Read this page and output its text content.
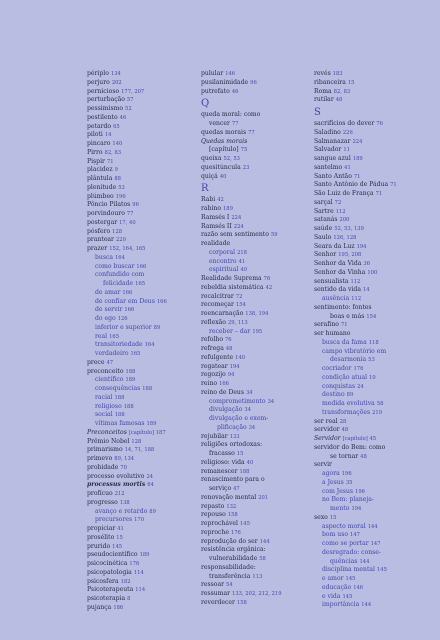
périplo 134
perjuro 202
pernicioso 177, 207
perturbação 57
pessimismo 52
pestilento 46
petardo 65
piloti 14
pincaro 140
Pirro 82, 83
Piṣpir 71
placidez 9
plântula 88
plenitude 53
plúmbeo 196
Pôncio Pilatos 96
porvindouro 77
postergar 17, 40
pósfero 128
prantear 220
prazer 152, 164, 165
busca 164
como buscar 166
confundido com
felicidade 165
de amar 166
de confiar em Deus 166
de servir 166
do ego 126
inferior e superior 89
real 165
transitoriedade 164
verdadeiro 165
prece 47
preconceito 188
científico 189
consequências 188
racial 188
religioso 188
social 188
vítimas famosas 189
Preconceitos [capítulo] 187
Prêmio Nobel 128
primarismo 14, 71, 188
primevo 89, 134
probidade 70
processo evolutivo 24
processus mortis 64
profícuo 212
progresso 138
avanço e retardo 89
precursores 170
propiciar 41
prosélito 15
prurido 145
pseudocientífico 189
psicocinética 176
psicopatologia 114
psicosfera 182
Psicoterapeuta 114
psicoterapia 8
pujança 186
pulular 146
pusilanimidade 96
putrefato 46
Q
queda moral: como
vencer 77
quedas morais 77
Quedas morais
[capítulo] 75
queixa 52, 53
quesitúncula 23
quiçá 40
R
Rabi 42
rabino 189
Ramsés I 224
Ramsés II 224
razão sem sentimento 59
realidade
corporal 218
encontro 41
espiritual 40
Realidade Suprema 76
rebeldia sistemática 42
recalcitrar 72
recomeçar 154
reencarnação 138, 194
reflexão 29, 113
receber – dar 195
refolho 76
refrega 48
refulgente 140
regatear 194
regozijo 94
reino 166
reino de Deus 34
comprometimento 34
divulgação 34
divulgação e exem-
plificação 34
rejubilar 133
religiões ortodoxas:
fracasso 15
religioso: vida 40
remanescer 188
renascimento para o
serviço 47
renovação mental 201
repasto 132
repouso 158
reprochável 145
reproche 176
reprodução do ser 144
resistência orgânica:
vulnerabilidade 58
responsabilidade:
transferência 113
ressoar 54
ressumar 133, 202, 212, 219
reverdecer 158
revés 183
ribanceira 15
Roma 82, 83
rutilar 48
S
sacrifícios do dever 76
Saladino 226
Salmanazar 224
Salvador 11
sangue azul 189
santelmo 41
Santo Antão 71
Santo Antônio de Pádua 71
São Luiz de França 71
sarçal 72
Sartre 112
satanás 200
saúde 52, 53, 139
Saulo 126, 128
Seara da Luz 194
Senhor 195, 208
Senhor da Vida 36
Senhor da Vinha 100
sensualista 112
sentido da vida 14
ausência 112
sentimento: fontes
boas e más 154
serafino 71
ser humano
busca da fama 118
campo vibratório em
desarmonia 53
cocriador 176
condição atual 10
conquistas 24
destino 89
medida evolutiva 58
transformações 219
ser real 28
servidor 48
Servidor [capítulo] 45
servidor do Bem: como
se tornar 48
servir
agora 196
a Jesus 35
com Jesus 196
no Bem: planeja-
mento 194
sexo 15
aspecto moral 144
bom uso 147
como se portar 147
desregrado: conse-
quências 144
disciplina mental 145
e amor 145
educação 146
e vida 145
importância 144
